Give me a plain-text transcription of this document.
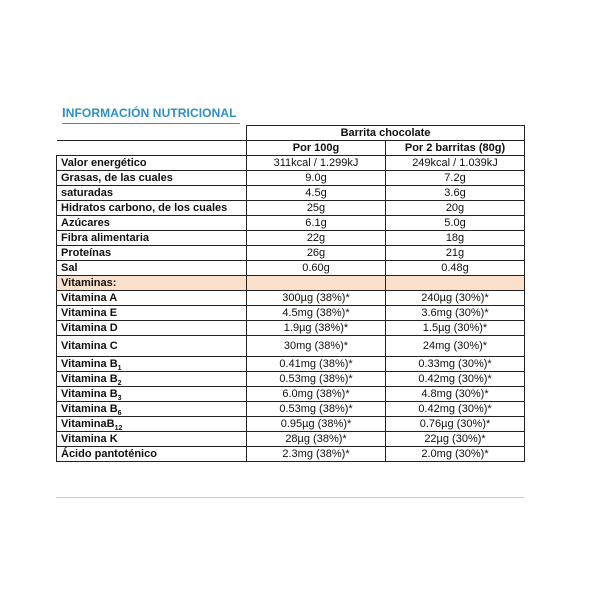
INFORMACIÓN NUTRICIONAL
	Barrita chocolate	
	Por 100g	Por 2 barritas (80g)
Valor energético	311kcal / 1.299kJ	249kcal / 1.039kJ
Grasas, de las cuales	9.0g	7.2g
saturadas	4.5g	3.6g
Hidratos carbono, de los cuales	25g	20g
Azúcares	6.1g	5.0g
Fibra alimentaria	22g	18g
Proteínas	26g	21g
Sal	0.60g	0.48g
Vitaminas:		
Vitamina A	300µg (38%)*	240µg (30%)*
Vitamina E	4.5mg (38%)*	3.6mg (30%)*
Vitamina D	1.9µg (38%)*	1.5µg (30%)*
Vitamina C	30mg (38%)*	24mg (30%)*
Vitamina $B_1$	0.41mg (38%)*	0.33mg (30%)*
Vitamina $B_2$	0.53mg (38%)*	0.42mg (30%)*
Vitamina $B_3$	6.0mg (38%)*	4.8mg (30%)*
Vitamina $B_6$	0.53mg (38%)*	0.42mg (30%)*
VitaminaB$_{12}$	0.95µg (38%)*	0.76µg (30%)*
Vitamina K	28µg (38%)*	22µg (30%)*
Ácido pantoténico	2.3mg (38%)*	2.0mg (30%)*
